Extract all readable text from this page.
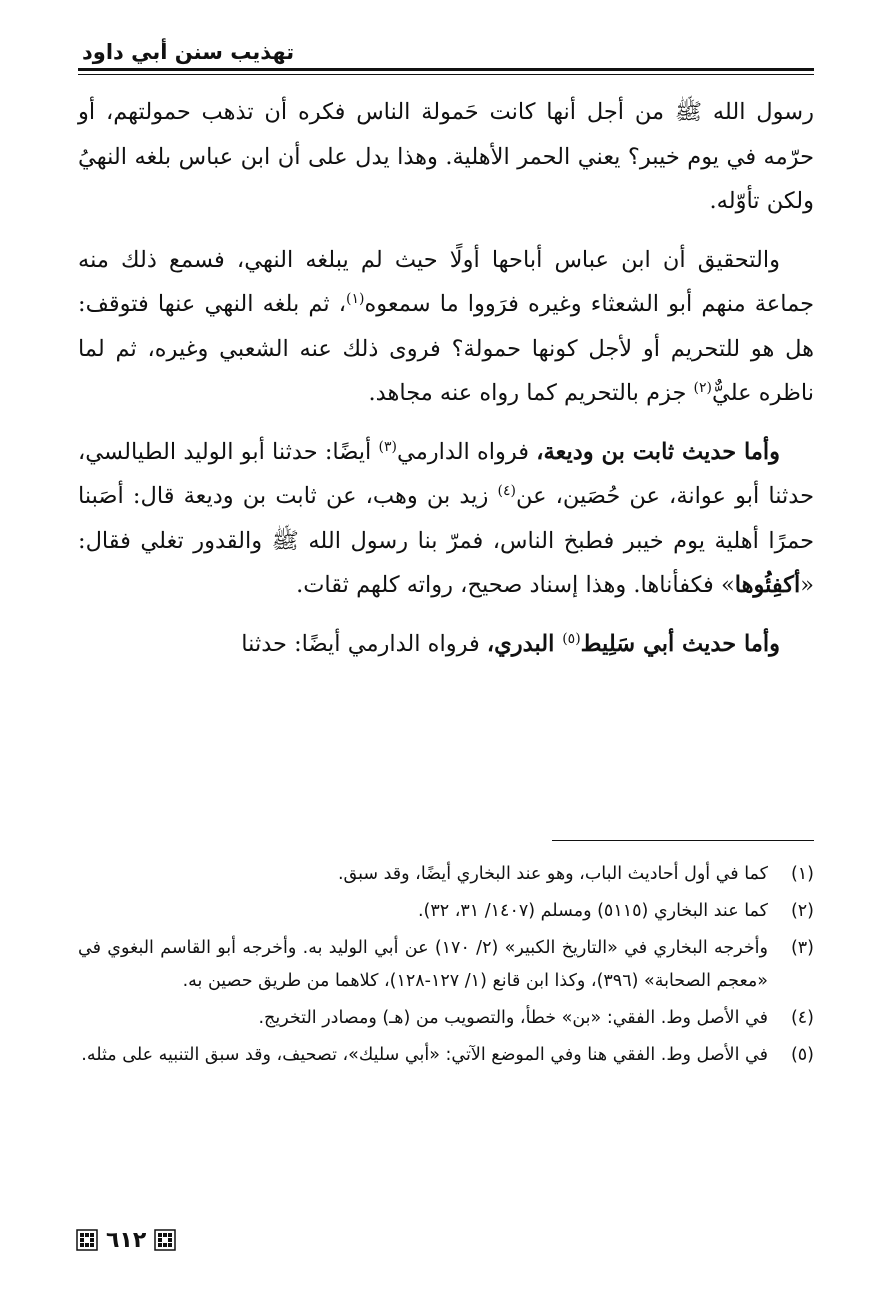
تهذيب سنن أبي داود

رسول الله ﷺ من أجل أنها كانت حَمولة الناس فكره أن تذهب حمولتهم، أو حرّمه في يوم خيبر؟ يعني الحمر الأهلية. وهذا يدل على أن ابن عباس بلغه النهيُ ولكن تأوّله.

والتحقيق أن ابن عباس أباحها أولًا حيث لم يبلغه النهي، فسمع ذلك منه جماعة منهم أبو الشعثاء وغيره فرَووا ما سمعوه$^{(١)}$، ثم بلغه النهي عنها فتوقف: هل هو للتحريم أو لأجل كونها حمولة؟ فروى ذلك عنه الشعبي وغيره، ثم لما ناظره عليٌّ$^{(٢)}$ جزم بالتحريم كما رواه عنه مجاهد.

وأما حديث ثابت بن وديعة، فرواه الدارمي$^{(٣)}$ أيضًا: حدثنا أبو الوليد الطيالسي، حدثنا أبو عوانة، عن حُصَين، عن$^{(٤)}$ زيد بن وهب، عن ثابت بن وديعة قال: أصَبنا حمرًا أهلية يوم خيبر فطبخ الناس، فمرّ بنا رسول الله ﷺ والقدور تغلي فقال: «أكفِئُوها» فكفأناها. وهذا إسناد صحيح، رواته كلهم ثقات.

وأما حديث أبي سَلِيط$^{(٥)}$ البدري، فرواه الدارمي أيضًا: حدثنا

(١)
كما في أول أحاديث الباب، وهو عند البخاري أيضًا، وقد سبق.
(٢)
كما عند البخاري (٥١١٥) ومسلم (١٤٠٧/ ٣١، ٣٢).
(٣)
وأخرجه البخاري في «التاريخ الكبير» (٢/ ١٧٠) عن أبي الوليد به. وأخرجه أبو القاسم البغوي في «معجم الصحابة» (٣٩٦)، وكذا ابن قانع (١/ ١٢٧-١٢٨)، كلاهما من طريق حصين به.
(٤)
في الأصل وط. الفقي: «بن» خطأ، والتصويب من (هـ) ومصادر التخريج.
(٥)
في الأصل وط. الفقي هنا وفي الموضع الآتي: «أبي سليك»، تصحيف، وقد سبق التنبيه على مثله.
٦١٢
